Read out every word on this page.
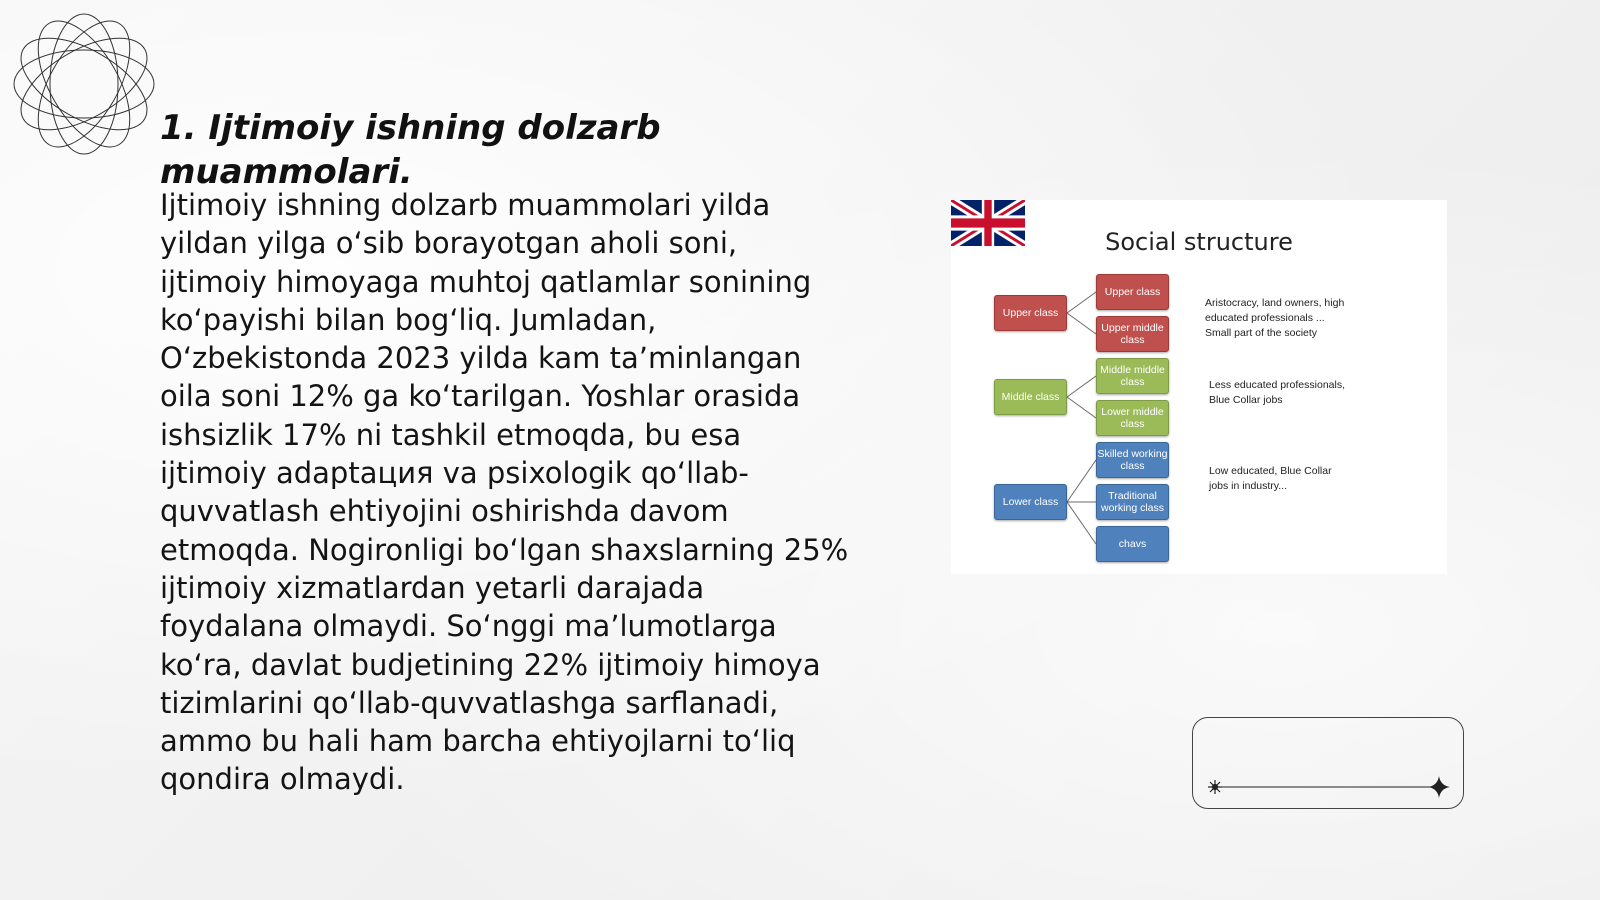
1. Ijtimoiy ishning dolzarb muammolari.

Ijtimoiy ishning dolzarb muammolari yilda yildan yilga o‘sib borayotgan aholi soni, ijtimoiy himoyaga muhtoj qatlamlar sonining ko‘payishi bilan bog‘liq. Jumladan, O‘zbekistonda 2023 yilda kam ta’minlangan oila soni 12% ga ko‘tarilgan. Yoshlar orasida ishsizlik 17% ni tashkil etmoqda, bu esa ijtimoiy adaptaция va psixologik qo‘llab-quvvatlash ehtiyojini oshirishda davom etmoqda. Nogironligi bo‘lgan shaxslarning 25% ijtimoiy xizmatlardan yetarli darajada foydalana olmaydi. So‘nggi ma’lumotlarga ko‘ra, davlat budjetining 22% ijtimoiy himoya tizimlarini qo‘llab-quvvatlashga sarflanadi, ammo bu hali ham barcha ehtiyojlarni to‘liq qondira olmaydi.

Social structure
Upper class
Upper class
Upper middle class
Aristocracy, land owners, high
educated professionals ...
Small part of the society
Middle class
Middle middle class
Lower middle class
Less educated professionals,
Blue Collar jobs
Lower class
Skilled working class
Traditional working class
chavs
Low educated, Blue Collar
jobs in industry...
